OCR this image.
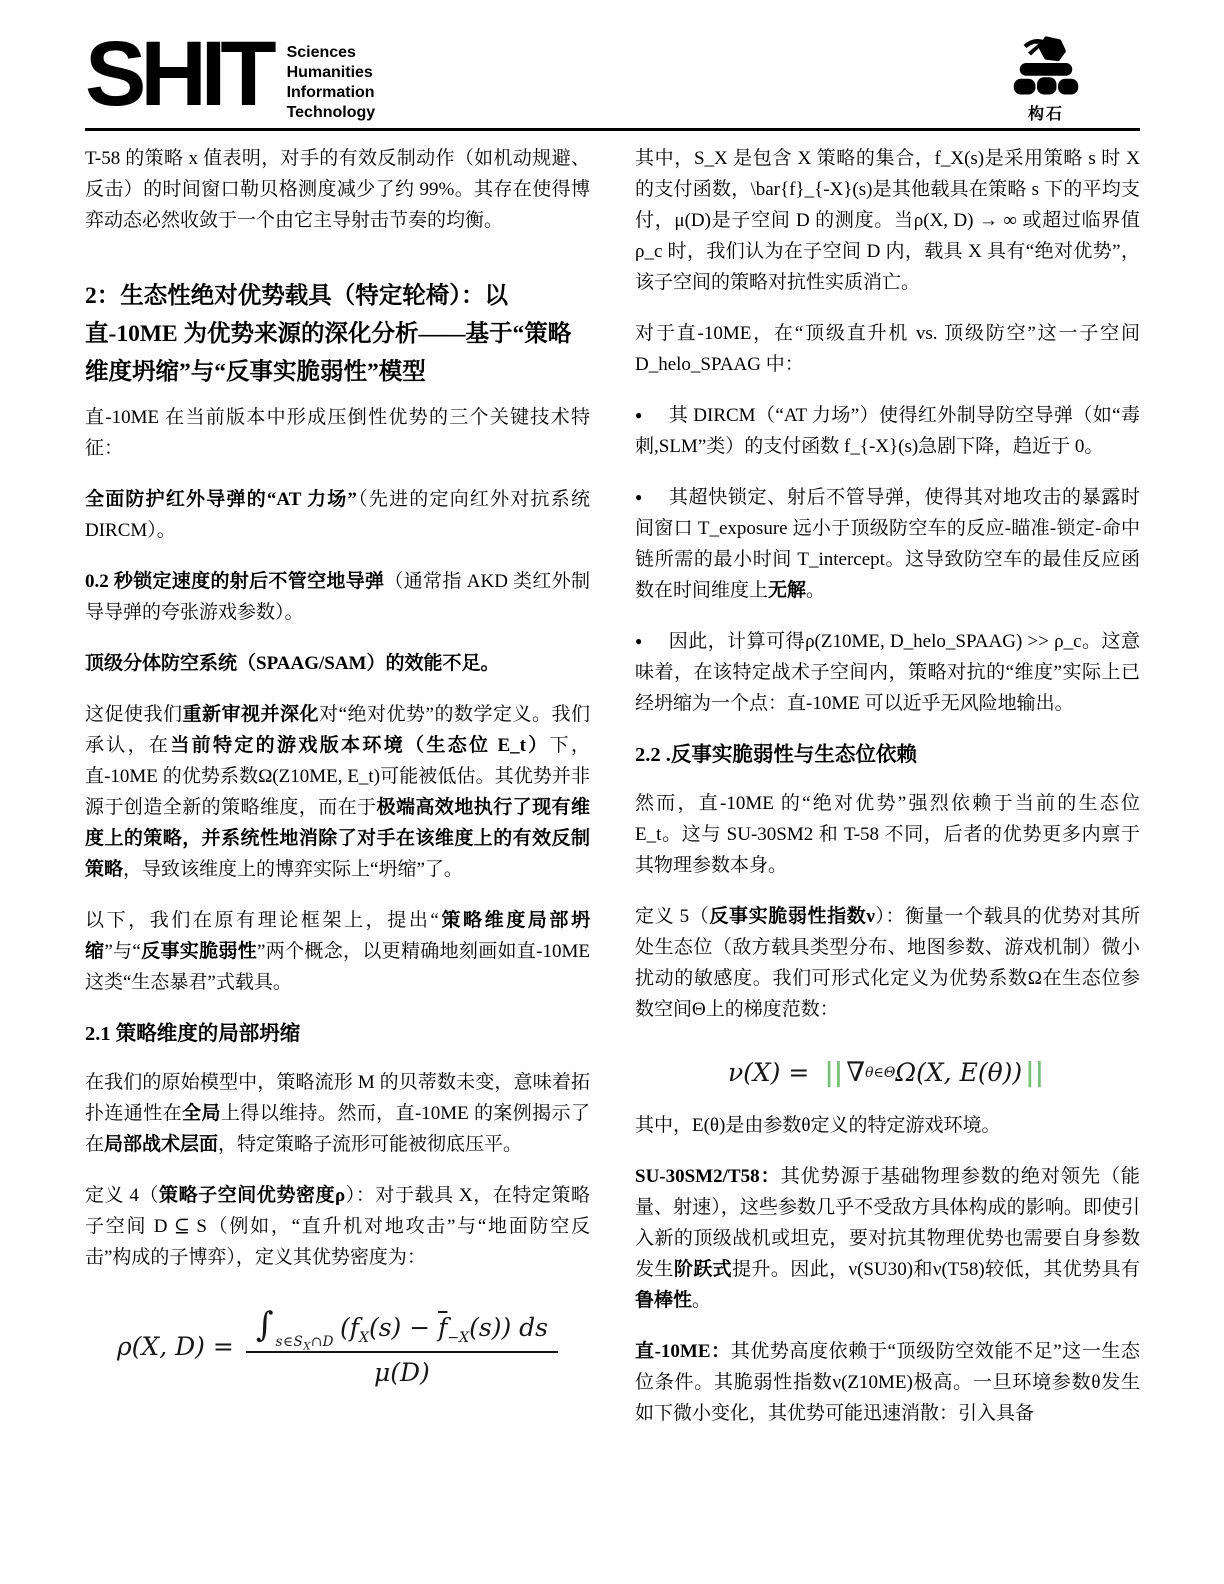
SHIT Sciences
Humanities
Information
Technology	构石

T-58 的策略 x 值表明，对手的有效反制动作（如机动规避、反击）的时间窗口勒贝格测度减少了约 99%。其存在使得博弈动态必然收敛于一个由它主导射击节奏的均衡。

2：生态性绝对优势载具（特定轮椅）：以直-10ME 为优势来源的深化分析——基于“策略维度坍缩”与“反事实脆弱性”模型

直-10ME 在当前版本中形成压倒性优势的三个关键技术特征：

全面防护红外导弹的“AT 力场”（先进的定向红外对抗系统 DIRCM）。

0.2 秒锁定速度的射后不管空地导弹（通常指 AKD 类红外制导导弹的夸张游戏参数）。

顶级分体防空系统（SPAAG/SAM）的效能不足。

这促使我们重新审视并深化对“绝对优势”的数学定义。我们承认，在当前特定的游戏版本环境（生态位 E_t）下，直-10ME 的优势系数Ω(Z10ME, E_t)可能被低估。其优势并非源于创造全新的策略维度，而在于极端高效地执行了现有维度上的策略，并系统性地消除了对手在该维度上的有效反制策略，导致该维度上的博弈实际上“坍缩”了。

以下，我们在原有理论框架上，提出“策略维度局部坍缩”与“反事实脆弱性”两个概念，以更精确地刻画如直-10ME 这类“生态暴君”式载具。

2.1 策略维度的局部坍缩

在我们的原始模型中，策略流形 M 的贝蒂数未变，意味着拓扑连通性在全局上得以维持。然而，直-10ME 的案例揭示了在局部战术层面，特定策略子流形可能被彻底压平。

定义 4（策略子空间优势密度ρ）：对于载具 X，在特定策略子空间 D ⊆ S（例如，“直升机对地攻击”与“地面防空反击”构成的子博弈），定义其优势密度为：

ρ(X, $D) = \frac{\int _{s\in S_X\cap D} (f_X(s) - \overline{f}_{-X}(s)) ds}{\mu(D)}$

其中，S_X 是包含 X 策略的集合，f_X(s)是采用策略 s 时 X 的支付函数，\bar{f}_{-X}(s)是其他载具在策略 s 下的平均支付，μ(D)是子空间 D 的测度。当ρ(X, D) → ∞ 或超过临界值ρ_c 时，我们认为在子空间 D 内，载具 X 具有“绝对优势”，该子空间的策略对抗性实质消亡。

对于直-10ME，在“顶级直升机 vs. 顶级防空”这一子空间 D_helo_SPAAG 中：

● 其 DIRCM（“AT 力场”）使得红外制导防空导弹（如“毒刺,SLM”类）的支付函数 f_{-X}(s)急剧下降，趋近于 0。

● 其超快锁定、射后不管导弹，使得其对地攻击的暴露时间窗口 T_exposure 远小于顶级防空车的反应-瞄准-锁定-命中链所需的最小时间 T_intercept。这导致防空车的最佳反应函数在时间维度上无解。

● 因此，计算可得ρ(Z10ME, D_helo_SPAAG) >> ρ_c。这意味着，在该特定战术子空间内，策略对抗的“维度”实际上已经坍缩为一个点：直-10ME 可以近乎无风险地输出。

2.2 .反事实脆弱性与生态位依赖

然而，直-10ME 的“绝对优势”强烈依赖于当前的生态位 E_t。这与 SU-30SM2 和 T-58 不同，后者的优势更多内禀于其物理参数本身。

定义 5（反事实脆弱性指数ν）：衡量一个载具的优势对其所处生态位（敌方载具类型分布、地图参数、游戏机制）微小扰动的敏感度。我们可形式化定义为优势系数Ω在生态位参数空间Θ上的梯度范数：

ν(X) = || ∇ θ∈Θ Ω(X, E(θ)) ||

其中，E(θ)是由参数θ定义的特定游戏环境。

SU-30SM2/T58：其优势源于基础物理参数的绝对领先（能量、射速），这些参数几乎不受敌方具体构成的影响。即使引入新的顶级战机或坦克，要对抗其物理优势也需要自身参数发生阶跃式提升。因此，ν(SU30)和ν(T58)较低，其优势具有鲁棒性。

直-10ME：其优势高度依赖于“顶级防空效能不足”这一生态位条件。其脆弱性指数ν(Z10ME)极高。一旦环境参数θ发生如下微小变化，其优势可能迅速消散：引入具备
